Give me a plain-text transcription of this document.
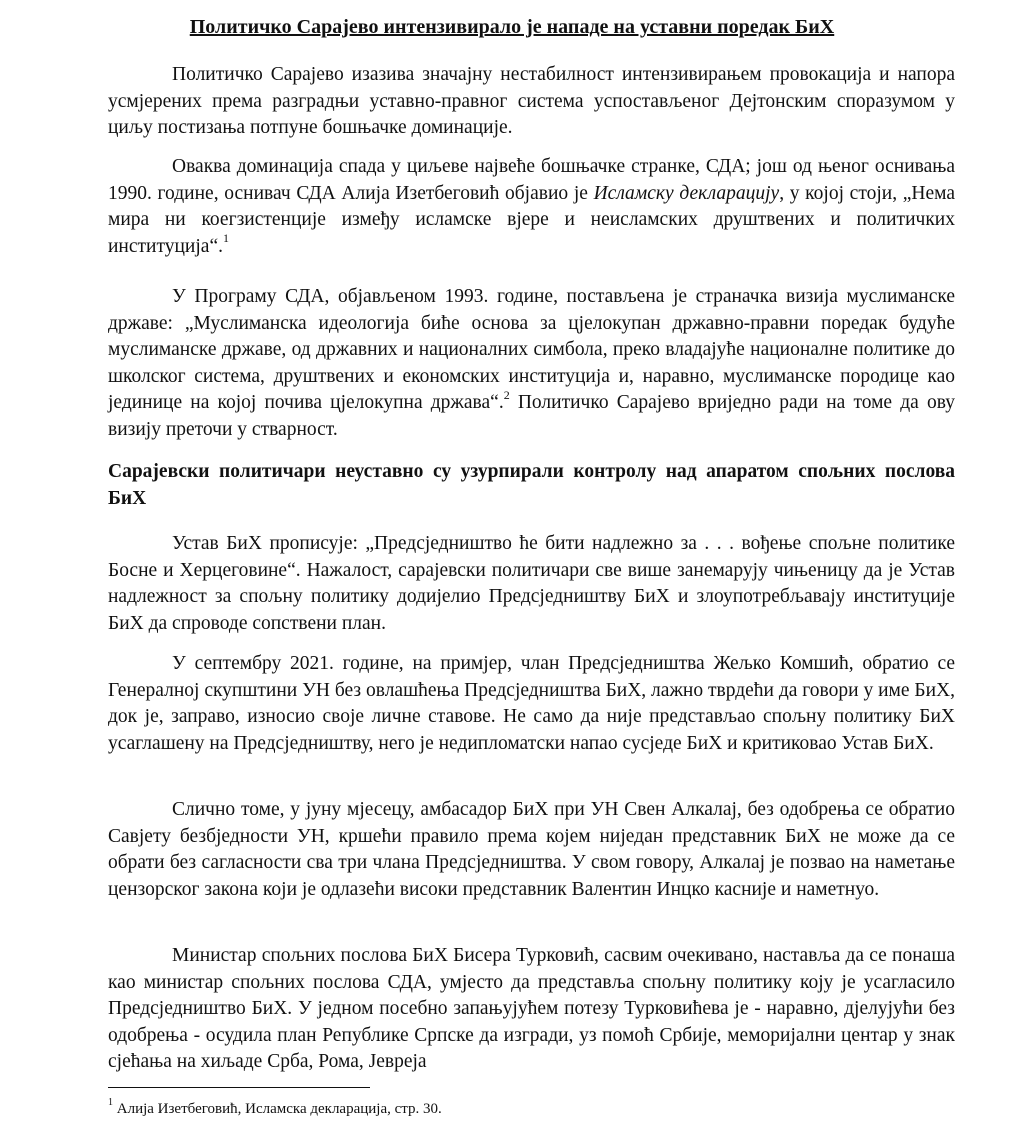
Политичко Сарајево интензивирало је нападе на уставни поредак БиХ

Политичко Сарајево изазива значајну нестабилност интензивирањем провокација и напора усмјерених према разградњи уставно-правног система успостављеног Дејтонским споразумом у циљу постизања потпуне бошњачке доминације.

Оваква доминација спада у циљеве највеће бошњачке странке, СДА; још од њеног оснивања 1990. године, оснивач СДА Алија Изетбеговић објавио је Исламску декларацију, у којој стоји, „Нема мира ни коегзистенције између исламске вјере и неисламских друштвених и политичких институција“.$^1$

У Програму СДА, објављеном 1993. године, постављена је страначка визија муслиманске државе: „Муслиманска идеологија биће основа за цјелокупан државно-правни поредак будуће муслиманске државе, од државних и националних симбола, преко владајуће националне политике до школског система, друштвених и економских институција и, наравно, муслиманске породице као јединице на којој почива цјелокупна држава“.$^2$ Политичко Сарајево вриједно ради на томе да ову визију преточи у стварност.

Сарајевски политичари неуставно су узурпирали контролу над апаратом спољних послова БиХ

Устав БиХ прописује: „Предсједништво ће бити надлежно за . . . вођење спољне политике Босне и Херцеговине“. Нажалост, сарајевски политичари све више занемарују чињеницу да је Устав надлежност за спољну политику додијелио Предсједништву БиХ и злоупотребљавају институције БиХ да спроводе сопствени план.

У септембру 2021. године, на примјер, члан Предсједништва Жељко Комшић, обратио се Генералној скупштини УН без овлашћења Предсједништва БиХ, лажно тврдећи да говори у име БиХ, док је, заправо, износио своје личне ставове. Не само да није представљао спољну политику БиХ усаглашену на Предсједништву, него је недипломатски напао сусједе БиХ и критиковао Устав БиХ.

Слично томе, у јуну мјесецу, амбасадор БиХ при УН Свен Алкалај, без одобрења се обратио Савјету безбједности УН, кршећи правило према којем ниједан представник БиХ не може да се обрати без сагласности сва три члана Предсједништва. У свом говору, Алкалај је позвао на наметање цензорског закона који је одлазећи високи представник Валентин Инцко касније и наметнуо.

Министар спољних послова БиХ Бисера Турковић, сасвим очекивано, наставља да се понаша као министар спољних послова СДА, умјесто да представља спољну политику коју је усагласило Предсједништво БиХ. У једном посебно запањујућем потезу Турковићева је - наравно, дјелујући без одобрења - осудила план Републике Српске да изгради, уз помоћ Србије, меморијални центар у знак сјећања на хиљаде Срба, Рома, Јевреја

$^1$ Алија Изетбеговић, Исламска декларација, стр. 30.
